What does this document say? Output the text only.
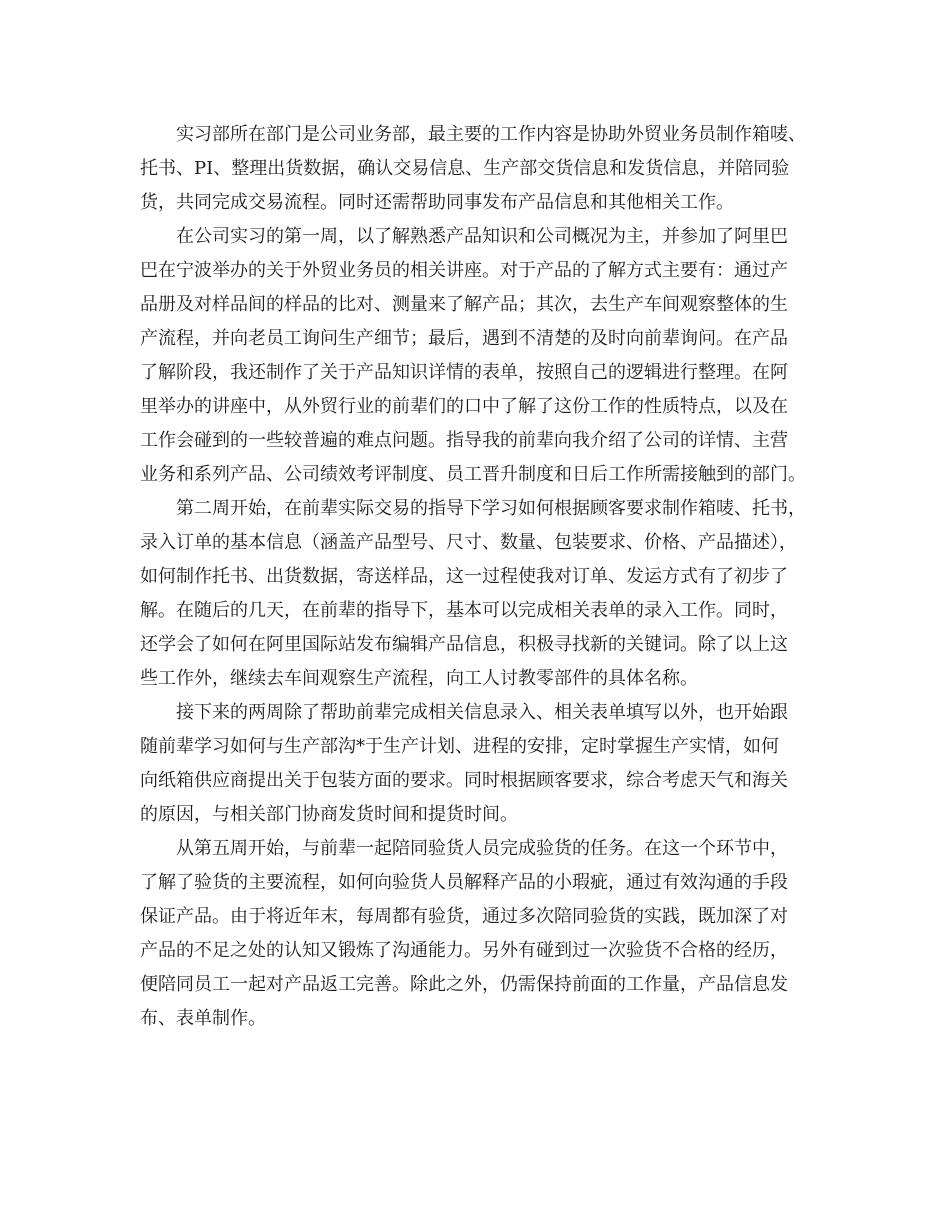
实习部所在部门是公司业务部，最主要的工作内容是协助外贸业务员制作箱唛、
托书、PI、整理出货数据，确认交易信息、生产部交货信息和发货信息，并陪同验
货，共同完成交易流程。同时还需帮助同事发布产品信息和其他相关工作。
在公司实习的第一周，以了解熟悉产品知识和公司概况为主，并参加了阿里巴
巴在宁波举办的关于外贸业务员的相关讲座。对于产品的了解方式主要有：通过产
品册及对样品间的样品的比对、测量来了解产品；其次，去生产车间观察整体的生
产流程，并向老员工询问生产细节；最后，遇到不清楚的及时向前辈询问。在产品
了解阶段，我还制作了关于产品知识详情的表单，按照自己的逻辑进行整理。在阿
里举办的讲座中，从外贸行业的前辈们的口中了解了这份工作的性质特点，以及在
工作会碰到的一些较普遍的难点问题。指导我的前辈向我介绍了公司的详情、主营
业务和系列产品、公司绩效考评制度、员工晋升制度和日后工作所需接触到的部门。
第二周开始，在前辈实际交易的指导下学习如何根据顾客要求制作箱唛、托书，
录入订单的基本信息（涵盖产品型号、尺寸、数量、包装要求、价格、产品描述），
如何制作托书、出货数据，寄送样品，这一过程使我对订单、发运方式有了初步了
解。在随后的几天，在前辈的指导下，基本可以完成相关表单的录入工作。同时，
还学会了如何在阿里国际站发布编辑产品信息，积极寻找新的关键词。除了以上这
些工作外，继续去车间观察生产流程，向工人讨教零部件的具体名称。
接下来的两周除了帮助前辈完成相关信息录入、相关表单填写以外，也开始跟
随前辈学习如何与生产部沟*于生产计划、进程的安排，定时掌握生产实情，如何
向纸箱供应商提出关于包装方面的要求。同时根据顾客要求，综合考虑天气和海关
的原因，与相关部门协商发货时间和提货时间。
从第五周开始，与前辈一起陪同验货人员完成验货的任务。在这一个环节中，
了解了验货的主要流程，如何向验货人员解释产品的小瑕疵，通过有效沟通的手段
保证产品。由于将近年末，每周都有验货，通过多次陪同验货的实践，既加深了对
产品的不足之处的认知又锻炼了沟通能力。另外有碰到过一次验货不合格的经历，
便陪同员工一起对产品返工完善。除此之外，仍需保持前面的工作量，产品信息发
布、表单制作。
